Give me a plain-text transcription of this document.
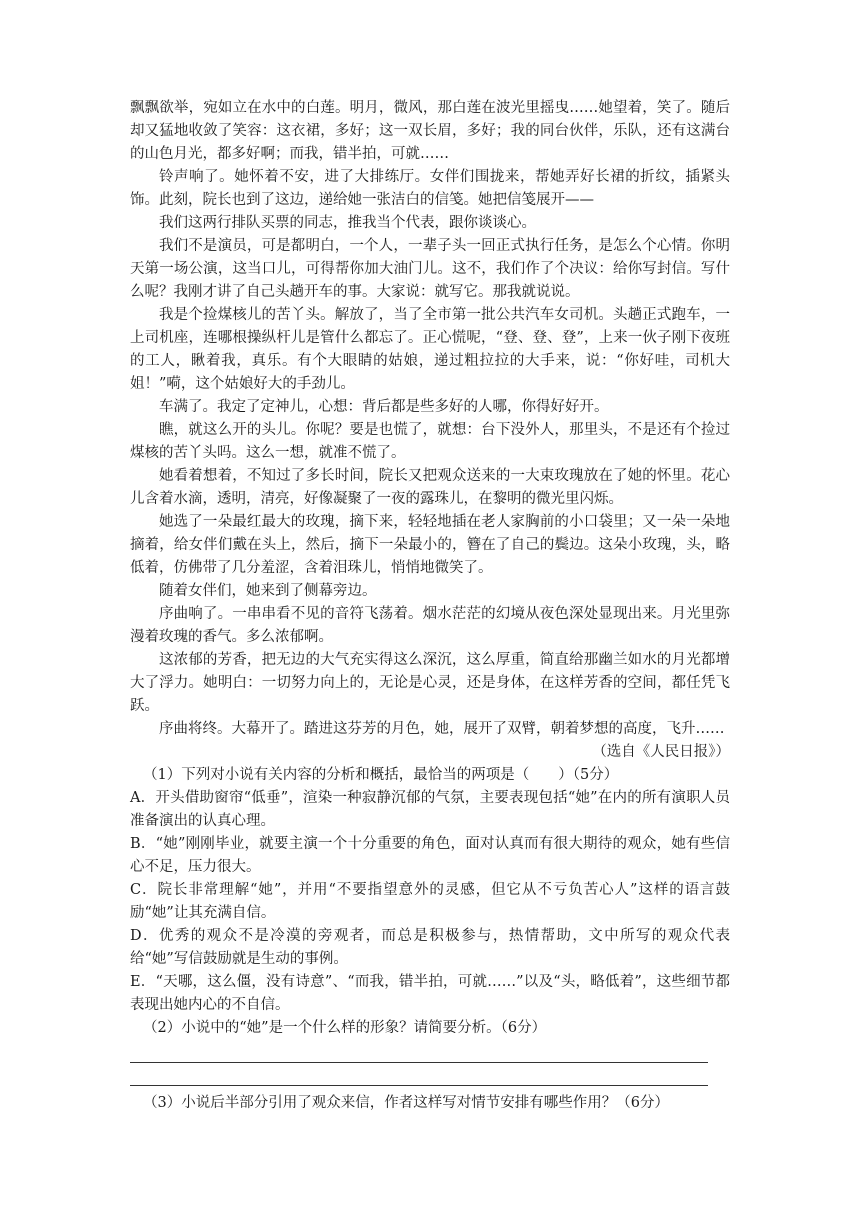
飘飘欲举，宛如立在水中的白莲。明月，微风，那白莲在波光里摇曳……她望着，笑了。随后却又猛地收敛了笑容：这衣裙，多好；这一双长眉，多好；我的同台伙伴，乐队，还有这满台的山色月光，都多好啊；而我，错半拍，可就……

铃声响了。她怀着不安，进了大排练厅。女伴们围拢来，帮她弄好长裙的折纹，插紧头饰。此刻，院长也到了这边，递给她一张洁白的信笺。她把信笺展开——

我们这两行排队买票的同志，推我当个代表，跟你谈谈心。

我们不是演员，可是都明白，一个人，一辈子头一回正式执行任务，是怎么个心情。你明天第一场公演，这当口儿，可得帮你加大油门儿。这不，我们作了个决议：给你写封信。写什么呢？我刚才讲了自己头趟开车的事。大家说：就写它。那我就说说。

我是个捡煤核儿的苦丫头。解放了，当了全市第一批公共汽车女司机。头趟正式跑车，一上司机座，连哪根操纵杆儿是管什么都忘了。正心慌呢，“登、登、登”，上来一伙子刚下夜班的工人，瞅着我，真乐。有个大眼睛的姑娘，递过粗拉拉的大手来，说：“你好哇，司机大姐！”嗬，这个姑娘好大的手劲儿。

车满了。我定了定神儿，心想：背后都是些多好的人哪，你得好好开。

瞧，就这么开的头儿。你呢？要是也慌了，就想：台下没外人，那里头，不是还有个捡过煤核的苦丫头吗。这么一想，就准不慌了。

她看着想着，不知过了多长时间，院长又把观众送来的一大束玫瑰放在了她的怀里。花心儿含着水滴，透明，清亮，好像凝聚了一夜的露珠儿，在黎明的微光里闪烁。

她选了一朵最红最大的玫瑰，摘下来，轻轻地插在老人家胸前的小口袋里；又一朵一朵地摘着，给女伴们戴在头上，然后，摘下一朵最小的，簪在了自己的鬓边。这朵小玫瑰，头，略低着，仿佛带了几分羞涩，含着泪珠儿，悄悄地微笑了。

随着女伴们，她来到了侧幕旁边。

序曲响了。一串串看不见的音符飞荡着。烟水茫茫的幻境从夜色深处显现出来。月光里弥漫着玫瑰的香气。多么浓郁啊。

这浓郁的芳香，把无边的大气充实得这么深沉，这么厚重，简直给那幽兰如水的月光都增大了浮力。她明白：一切努力向上的，无论是心灵，还是身体，在这样芳香的空间，都任凭飞跃。

序曲将终。大幕开了。踏进这芬芳的月色，她，展开了双臂，朝着梦想的高度，飞升……

（选自《人民日报》）

（1）下列对小说有关内容的分析和概括，最恰当的两项是（　　）（5分）

A．开头借助窗帘“低垂”，渲染一种寂静沉郁的气氛，主要表现包括“她”在内的所有演职人员准备演出的认真心理。

B．“她”刚刚毕业，就要主演一个十分重要的角色，面对认真而有很大期待的观众，她有些信心不足，压力很大。

C．院长非常理解“她”，并用“不要指望意外的灵感，但它从不亏负苦心人”这样的语言鼓励“她”让其充满自信。

D．优秀的观众不是冷漠的旁观者，而总是积极参与，热情帮助，文中所写的观众代表给“她”写信鼓励就是生动的事例。

E．“天哪，这么僵，没有诗意”、“而我，错半拍，可就……”以及“头，略低着”，这些细节都表现出她内心的不自信。

（2）小说中的“她”是一个什么样的形象？请简要分析。（6分）

（3）小说后半部分引用了观众来信，作者这样写对情节安排有哪些作用？（6分）
